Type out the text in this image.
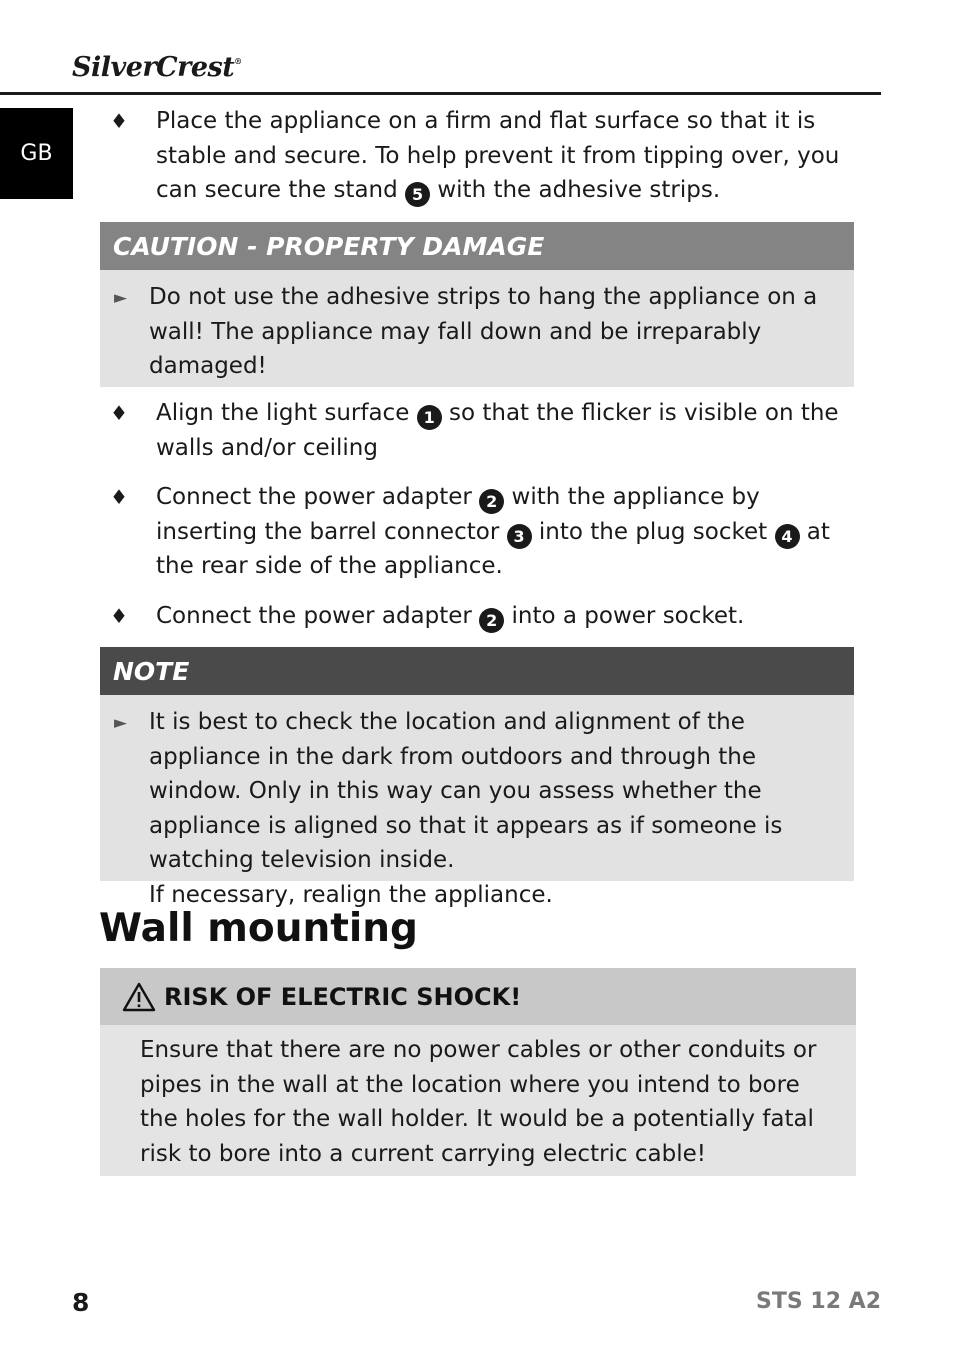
SilverCrest®
GB
♦	Place the appliance on a firm and flat surface so that it is stable and secure. To help prevent it from tipping over, you can secure the stand 5 with the adhesive strips.
CAUTION - PROPERTY DAMAGE
► Do not use the adhesive strips to hang the appliance on a wall! The appliance may fall down and be irreparably damaged!
♦	Align the light surface 1 so that the flicker is visible on the walls and/or ceiling
♦	Connect the power adapter 2 with the appliance by inserting the barrel connector 3 into the plug socket 4 at the rear side of the appliance.
♦	Connect the power adapter 2 into a power socket.
NOTE
► It is best to check the location and alignment of the appliance in the dark from outdoors and through the window. Only in this way can you assess whether the appliance is aligned so that it appears as if someone is watching television inside.
If necessary, realign the appliance.
Wall mounting
RISK OF ELECTRIC SHOCK!
Ensure that there are no power cables or other conduits or pipes in the wall at the location where you intend to bore the holes for the wall holder. It would be a potentially fatal risk to bore into a current carrying electric cable!
8	STS 12 A2
